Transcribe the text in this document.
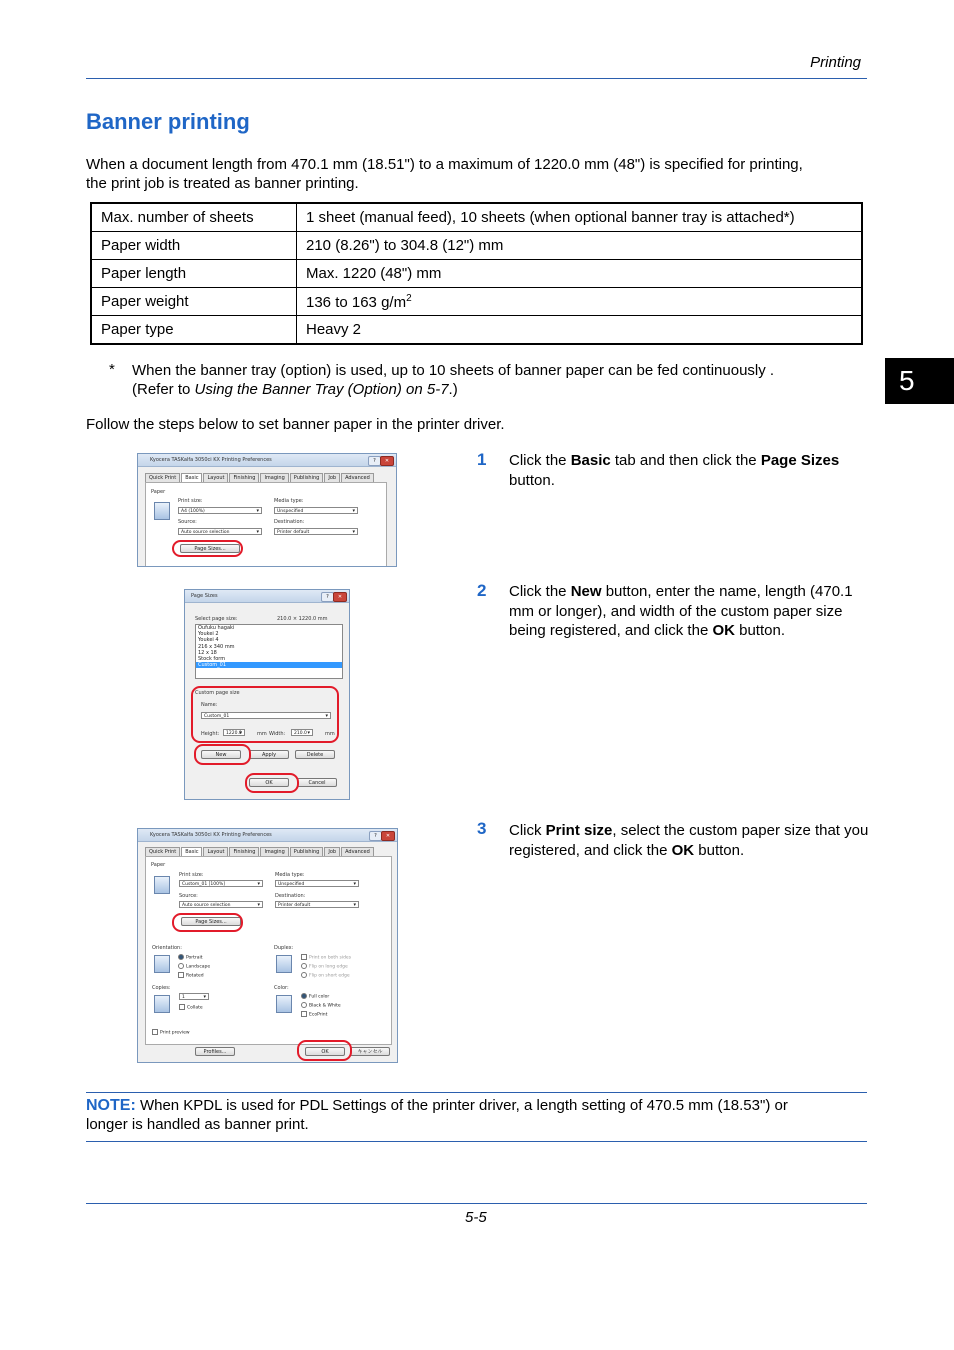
Printing
Banner printing
When a document length from 470.1 mm (18.51") to a maximum of 1220.0 mm (48") is specified for printing,
the print job is treated as banner printing.
Max. number of sheets	1 sheet (manual feed), 10 sheets (when optional banner tray is attached*)
Paper width	210 (8.26") to 304.8 (12") mm
Paper length	Max. 1220 (48") mm
Paper weight	136 to 163 $g/m^2$
Paper type	Heavy 2
* When the banner tray (option) is used, up to 10 sheets of banner paper can be fed continuously .
(Refer to Using the Banner Tray (Option) on 5-7.)	5
Follow the steps below to set banner paper in the printer driver.
1 Click the Basic tab and then click the Page Sizes button.
Kyocera TASKalfa 3050ci KX Printing Preferences	?	✕
Quick Print	Basic	Layout	Finishing	Imaging	Publishing	Job	Advanced
Paper
Print size:
A4 (100%) ▾
Media type:
Unspecified ▾
Source:
Auto source selection ▾
Destination:
Printer default ▾
Page Sizes...
2 Click the New button, enter the name, length (470.1 mm or longer), and width of the custom paper size being registered, and click the OK button.
Page Sizes	?	✕
Select page size:	210.0 × 1220.0 mm
Oufuku hagaki
Youkei 2
Youkei 4
216 x 340 mm
12 x 18
Stock form
Custom_01
Custom page size
Name:
Custom_01 ▾
Height:	1220.0 ▾	mm Width:	210.0 ▾	mm
New	Apply	Delete
OK	Cancel
3 Click Print size, select the custom paper size that you registered, and click the OK button.
Kyocera TASKalfa 3050ci KX Printing Preferences	?	✕
Quick Print	Basic	Layout	Finishing	Imaging	Publishing	Job	Advanced
Paper
Print size:
Custom_01 [100%] ▾
Media type:
Unspecified ▾
Source:
Auto source selection ▾
Destination:
Printer default ▾
Page Sizes...
Orientation:
Portrait
Landscape
Rotated
Duplex:
Print on both sides
Flip on long edge
Flip on short edge
Copies:
1 ▾
Collate
Color:
Full color
Black & White
EcoPrint
Print preview
Profiles...	OK	キャンセル
NOTE: When KPDL is used for PDL Settings of the printer driver, a length setting of 470.5 mm (18.53") or
longer is handled as banner print.
5-5
